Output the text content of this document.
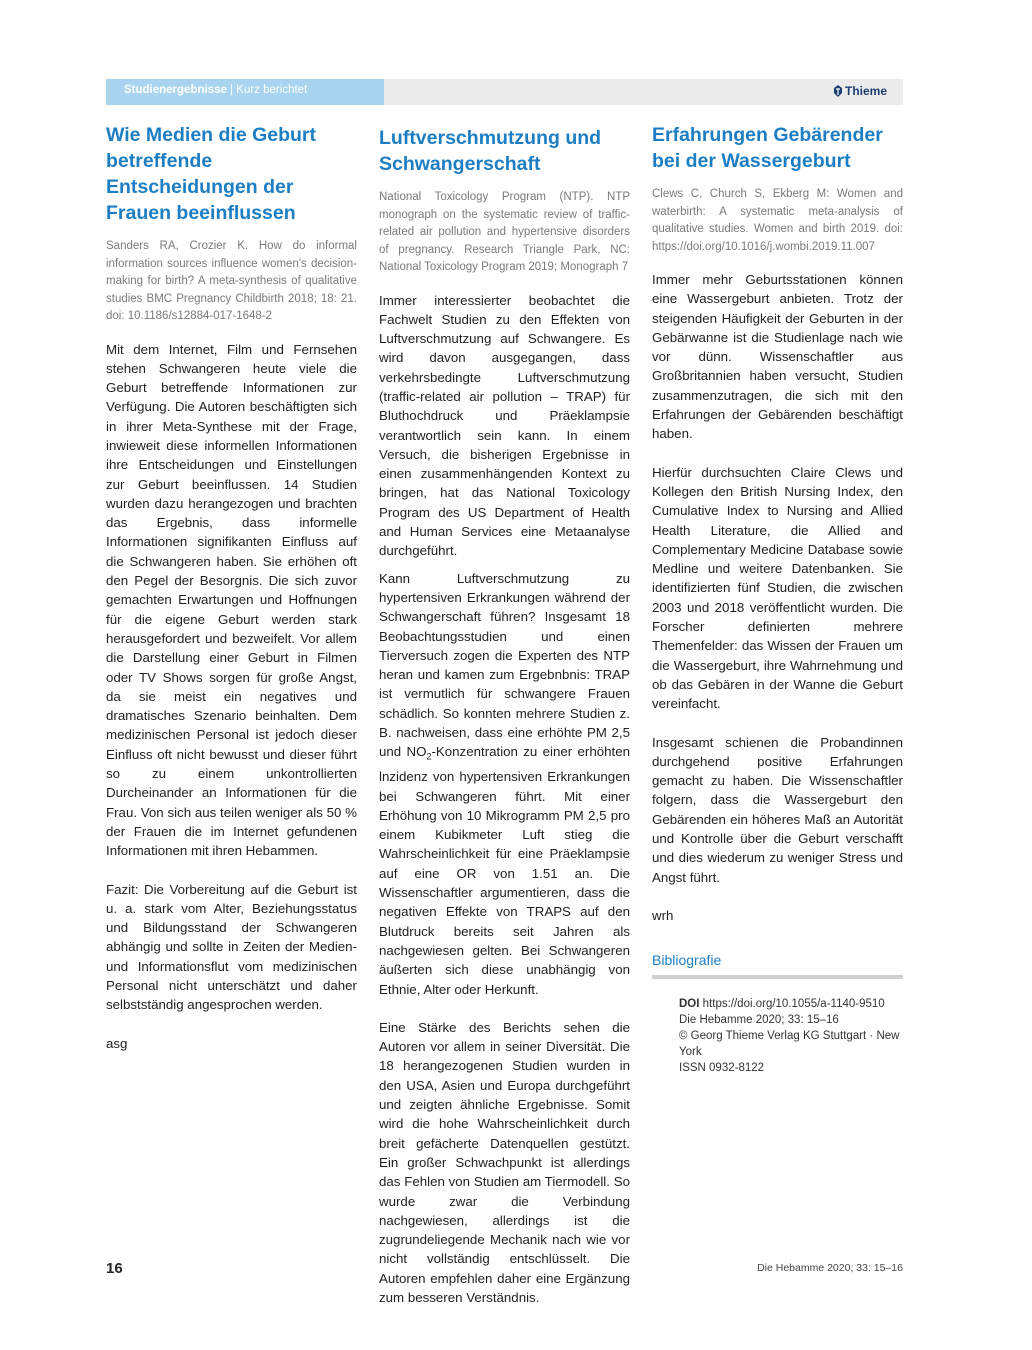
Studienergebnisse | Kurz berichtet	Thieme
Wie Medien die Geburt betreffende Entscheidungen der Frauen beeinflussen
Sanders RA, Crozier K. How do informal information sources influence women's decision-making for birth? A meta-synthesis of qualitative studies BMC Pregnancy Childbirth 2018; 18: 21. doi: 10.1186/s12884-017-1648-2

Mit dem Internet, Film und Fernsehen stehen Schwangeren heute viele die Geburt betreffende Informationen zur Verfügung. Die Autoren beschäftigten sich in ihrer Meta-Synthese mit der Frage, inwieweit diese informellen Informationen ihre Entscheidungen und Einstellungen zur Geburt beeinflussen. 14 Studien wurden dazu herangezogen und brachten das Ergebnis, dass informelle Informationen signifikanten Einfluss auf die Schwangeren haben. Sie erhöhen oft den Pegel der Besorgnis. Die sich zuvor gemachten Erwartungen und Hoffnungen für die eigene Geburt werden stark herausgefordert und bezweifelt. Vor allem die Darstellung einer Geburt in Filmen oder TV Shows sorgen für große Angst, da sie meist ein negatives und dramatisches Szenario beinhalten. Dem medizinischen Personal ist jedoch dieser Einfluss oft nicht bewusst und dieser führt so zu einem unkontrollierten Durcheinander an Informationen für die Frau. Von sich aus teilen weniger als 50 % der Frauen die im Internet gefundenen Informationen mit ihren Hebammen.

Fazit: Die Vorbereitung auf die Geburt ist u. a. stark vom Alter, Beziehungsstatus und Bildungsstand der Schwangeren abhängig und sollte in Zeiten der Medien- und Informationsflut vom medizinischen Personal nicht unterschätzt und daher selbstständig angesprochen werden.

asg

Luftverschmutzung und Schwangerschaft
National Toxicology Program (NTP). NTP monograph on the systematic review of traffic-related air pollution and hypertensive disorders of pregnancy. Research Triangle Park, NC: National Toxicology Program 2019; Monograph 7

Immer interessierter beobachtet die Fachwelt Studien zu den Effekten von Luftverschmutzung auf Schwangere. Es wird davon ausgegangen, dass verkehrsbedingte Luftverschmutzung (traffic-related air pollution – TRAP) für Bluthochdruck und Präeklampsie verantwortlich sein kann. In einem Versuch, die bisherigen Ergebnisse in einen zusammenhängenden Kontext zu bringen, hat das National Toxicology Program des US Department of Health and Human Services eine Metaanalyse durchgeführt.

Kann Luftverschmutzung zu hypertensiven Erkrankungen während der Schwangerschaft führen? Insgesamt 18 Beobachtungsstudien und einen Tierversuch zogen die Experten des NTP heran und kamen zum Ergebnbnis: TRAP ist vermutlich für schwangere Frauen schädlich. So konnten mehrere Studien z. B. nachweisen, dass eine erhöhte PM 2,5 und $NO_2$-Konzentration zu einer erhöhten lnzidenz von hypertensiven Erkrankungen bei Schwangeren führt. Mit einer Erhöhung von 10 Mikrogramm PM 2,5 pro einem Kubikmeter Luft stieg die Wahrscheinlichkeit für eine Präeklampsie auf eine OR von 1.51 an. Die Wissenschaftler argumentieren, dass die negativen Effekte von TRAPS auf den Blutdruck bereits seit Jahren als nachgewiesen gelten. Bei Schwangeren äußerten sich diese unabhängig von Ethnie, Alter oder Herkunft.

Eine Stärke des Berichts sehen die Autoren vor allem in seiner Diversität. Die 18 herangezogenen Studien wurden in den USA, Asien und Europa durchgeführt und zeigten ähnliche Ergebnisse. Somit wird die hohe Wahrscheinlichkeit durch breit gefächerte Datenquellen gestützt. Ein großer Schwachpunkt ist allerdings das Fehlen von Studien am Tiermodell. So wurde zwar die Verbindung nachgewiesen, allerdings ist die zugrundeliegende Mechanik nach wie vor nicht vollständig entschlüsselt. Die Autoren empfehlen daher eine Ergänzung zum besseren Verständnis.

Erfahrungen Gebärender bei der Wassergeburt
Clews C, Church S, Ekberg M: Women and waterbirth: A systematic meta-analysis of qualitative studies. Women and birth 2019. doi: https://doi.org/10.1016/j.wombi.2019.11.007

Immer mehr Geburtsstationen können eine Wassergeburt anbieten. Trotz der steigenden Häufigkeit der Geburten in der Gebärwanne ist die Studienlage nach wie vor dünn. Wissenschaftler aus Großbritannien haben versucht, Studien zusammenzutragen, die sich mit den Erfahrungen der Gebärenden beschäftigt haben.

Hierfür durchsuchten Claire Clews und Kollegen den British Nursing Index, den Cumulative Index to Nursing and Allied Health Literature, die Allied and Complementary Medicine Database sowie Medline und weitere Datenbanken. Sie identifizierten fünf Studien, die zwischen 2003 und 2018 veröffentlicht wurden. Die Forscher definierten mehrere Themenfelder: das Wissen der Frauen um die Wassergeburt, ihre Wahrnehmung und ob das Gebären in der Wanne die Geburt vereinfacht.

Insgesamt schienen die Probandinnen durchgehend positive Erfahrungen gemacht zu haben. Die Wissenschaftler folgern, dass die Wassergeburt den Gebärenden ein höheres Maß an Autorität und Kontrolle über die Geburt verschafft und dies wiederum zu weniger Stress und Angst führt.

wrh

Bibliografie
DOI https://doi.org/10.1055/a-1140-9510
Die Hebamme 2020; 33: 15–16
© Georg Thieme Verlag KG Stuttgart · New York
ISSN 0932-8122
16	Die Hebamme 2020; 33: 15–16
